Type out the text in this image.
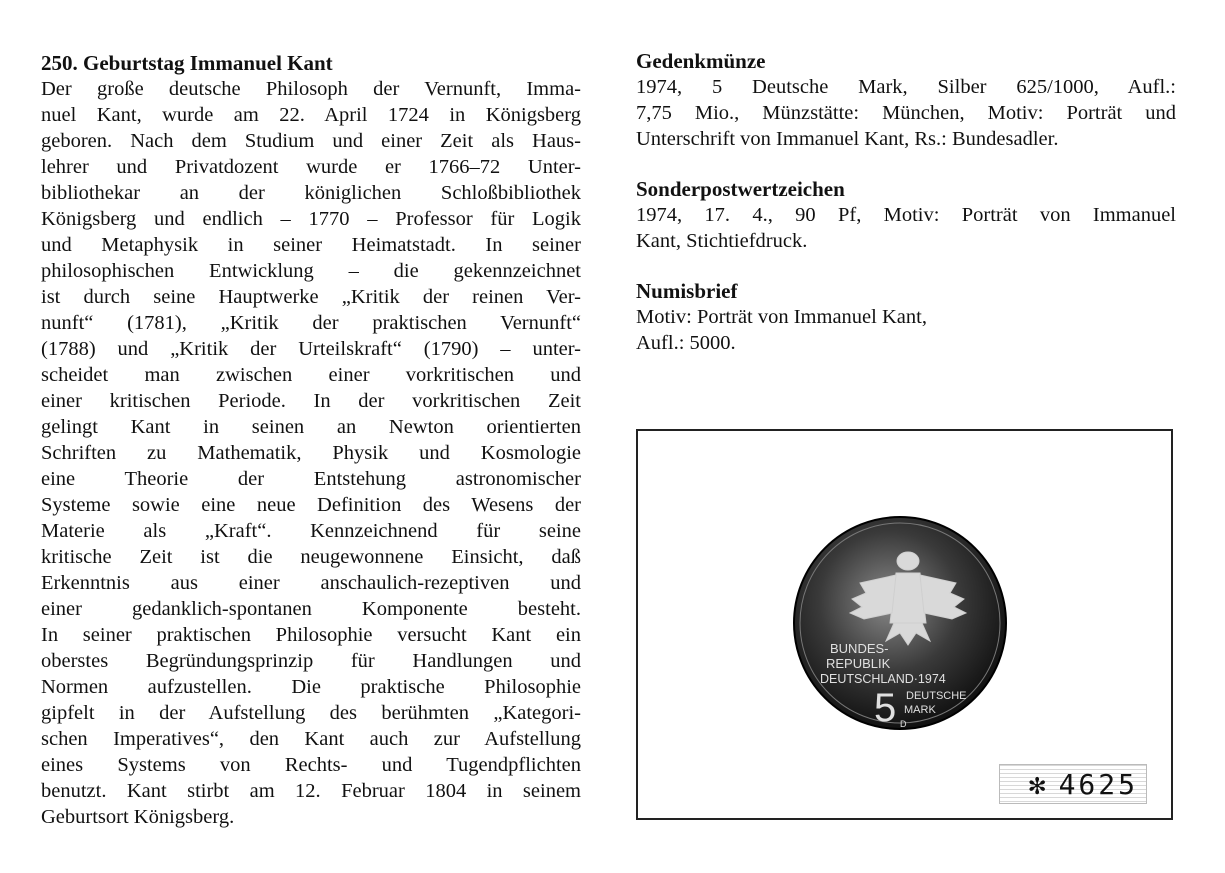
250. Geburtstag Immanuel Kant
Der große deutsche Philosoph der Vernunft, Imma-
nuel Kant, wurde am 22. April 1724 in Königsberg
geboren. Nach dem Studium und einer Zeit als Haus-
lehrer und Privatdozent wurde er 1766–72 Unter-
bibliothekar an der königlichen Schloßbibliothek
Königsberg und endlich – 1770 – Professor für Logik
und Metaphysik in seiner Heimatstadt. In seiner
philosophischen Entwicklung – die gekennzeichnet
ist durch seine Hauptwerke „Kritik der reinen Ver-
nunft“ (1781), „Kritik der praktischen Vernunft“
(1788) und „Kritik der Urteilskraft“ (1790) – unter-
scheidet man zwischen einer vorkritischen und
einer kritischen Periode. In der vorkritischen Zeit
gelingt Kant in seinen an Newton orientierten
Schriften zu Mathematik, Physik und Kosmologie
eine Theorie der Entstehung astronomischer
Systeme sowie eine neue Definition des Wesens der
Materie als „Kraft“. Kennzeichnend für seine
kritische Zeit ist die neugewonnene Einsicht, daß
Erkenntnis aus einer anschaulich-rezeptiven und
einer gedanklich-spontanen Komponente besteht.
In seiner praktischen Philosophie versucht Kant ein
oberstes Begründungsprinzip für Handlungen und
Normen aufzustellen. Die praktische Philosophie
gipfelt in der Aufstellung des berühmten „Kategori-
schen Imperatives“, den Kant auch zur Aufstellung
eines Systems von Rechts- und Tugendpflichten
benutzt. Kant stirbt am 12. Februar 1804 in seinem
Geburtsort Königsberg.
Gedenkmünze
1974, 5 Deutsche Mark, Silber 625/1000, Aufl.:
7,75 Mio., Münzstätte: München, Motiv: Porträt und
Unterschrift von Immanuel Kant, Rs.: Bundesadler.
Sonderpostwertzeichen
1974, 17. 4., 90 Pf, Motiv: Porträt von Immanuel
Kant, Stichtiefdruck.
Numisbrief
Motiv: Porträt von Immanuel Kant,
Aufl.: 5000.
BUNDES-
REPUBLIK
DEUTSCHLAND·1974
5 DEUTSCHE
MARK
D
✻ 4625
